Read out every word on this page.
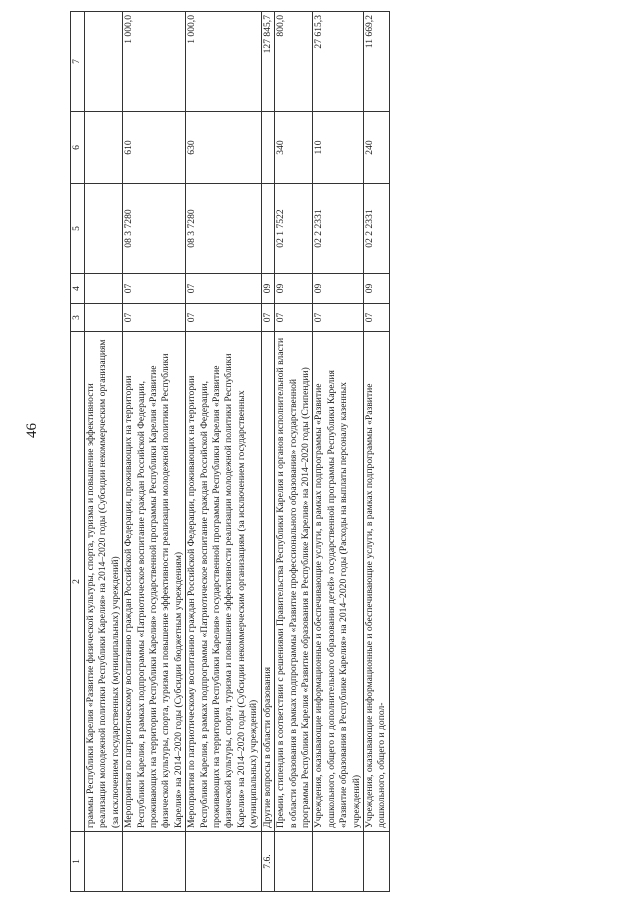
46
1	2	3	4	5	6	7
	граммы Республики Карелия «Развитие физической культуры, спорта, туризма и повышение эффективности реализации молодежной политики Республики Карелия» на 2014–2020 годы (Субсидии некоммерческим организациям (за исключением государственных (муниципальных) учреждений)					
	Мероприятия по патриотическому воспитанию граждан Российской Федерации, проживающих на территории Республики Карелия, в рамках подпрограммы «Патриотическое воспитание граждан Российской Федерации, проживающих на территории Республики Карелия» государственной программы Республики Карелия «Развитие физической культуры, спорта, туризма и повышение эффективности реализации молодежной политики Республики Карелия» на 2014–2020 годы (Субсидии бюджетным учреждениям)	07	07	08 3 7280	610	1 000,0
	Мероприятия по патриотическому воспитанию граждан Российской Федерации, проживающих на территории Республики Карелия, в рамках подпрограммы «Патриотическое воспитание граждан Российской Федерации, проживающих на территории Республики Карелия» государственной программы Республики Карелия «Развитие физической культуры, спорта, туризма и повышение эффективности реализации молодежной политики Республики Карелия» на 2014–2020 годы (Субсидии некоммерческим организациям (за исключением государственных (муниципальных) учреждений)	07	07	08 3 7280	630	1 000,0
7.6.	Другие вопросы в области образования	07	09			127 845,7
	Премии, стипендии в соответствии с решениями Правительства Республики Карелия и органов исполнительной власти в области образования в рамках подпрограммы «Развитие профессионального образования» государственной программы Республики Карелия «Развитие образования в Республике Карелия» на 2014–2020 годы (Стипендии)	07	09	02 1 7522	340	800,0
	Учреждения, оказывающие информационные и обеспечивающие услуги, в рамках подпрограммы «Развитие дошкольного, общего и дополнительного образования детей» государственной программы Республики Карелия «Развитие образования в Республике Карелия» на 2014–2020 годы (Расходы на выплаты персоналу казенных учреждений)	07	09	02 2 2331	110	27 615,3
	Учреждения, оказывающие информационные и обеспечивающие услуги, в рамках подпрограммы «Развитие дошкольного, общего и допол-	07	09	02 2 2331	240	11 669,2
